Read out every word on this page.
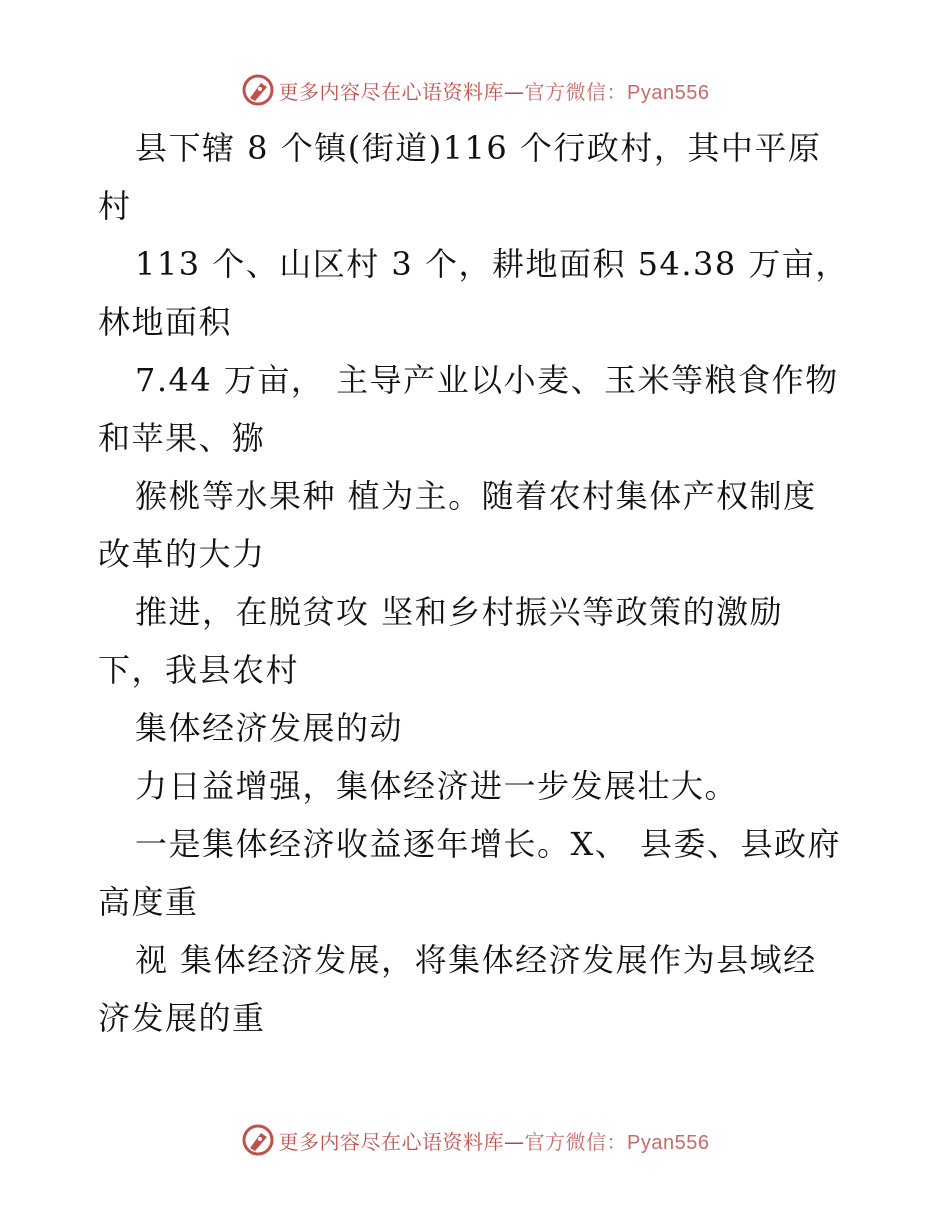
更多内容尽在心语资料库—官方微信：Pyan556
县下辖 8 个镇(街道)116 个行政村，其中平原
村
113 个、山区村 3 个，耕地面积 54.38 万亩，
林地面积
7.44 万亩， 主导产业以小麦、玉米等粮食作物
和苹果、猕
猴桃等水果种 植为主。随着农村集体产权制度
改革的大力
推进，在脱贫攻 坚和乡村振兴等政策的激励
下，我县农村
集体经济发展的动
力日益增强，集体经济进一步发展壮大。
一是集体经济收益逐年增长。X、 县委、县政府
高度重
视 集体经济发展，将集体经济发展作为县域经
济发展的重
更多内容尽在心语资料库—官方微信：Pyan556
